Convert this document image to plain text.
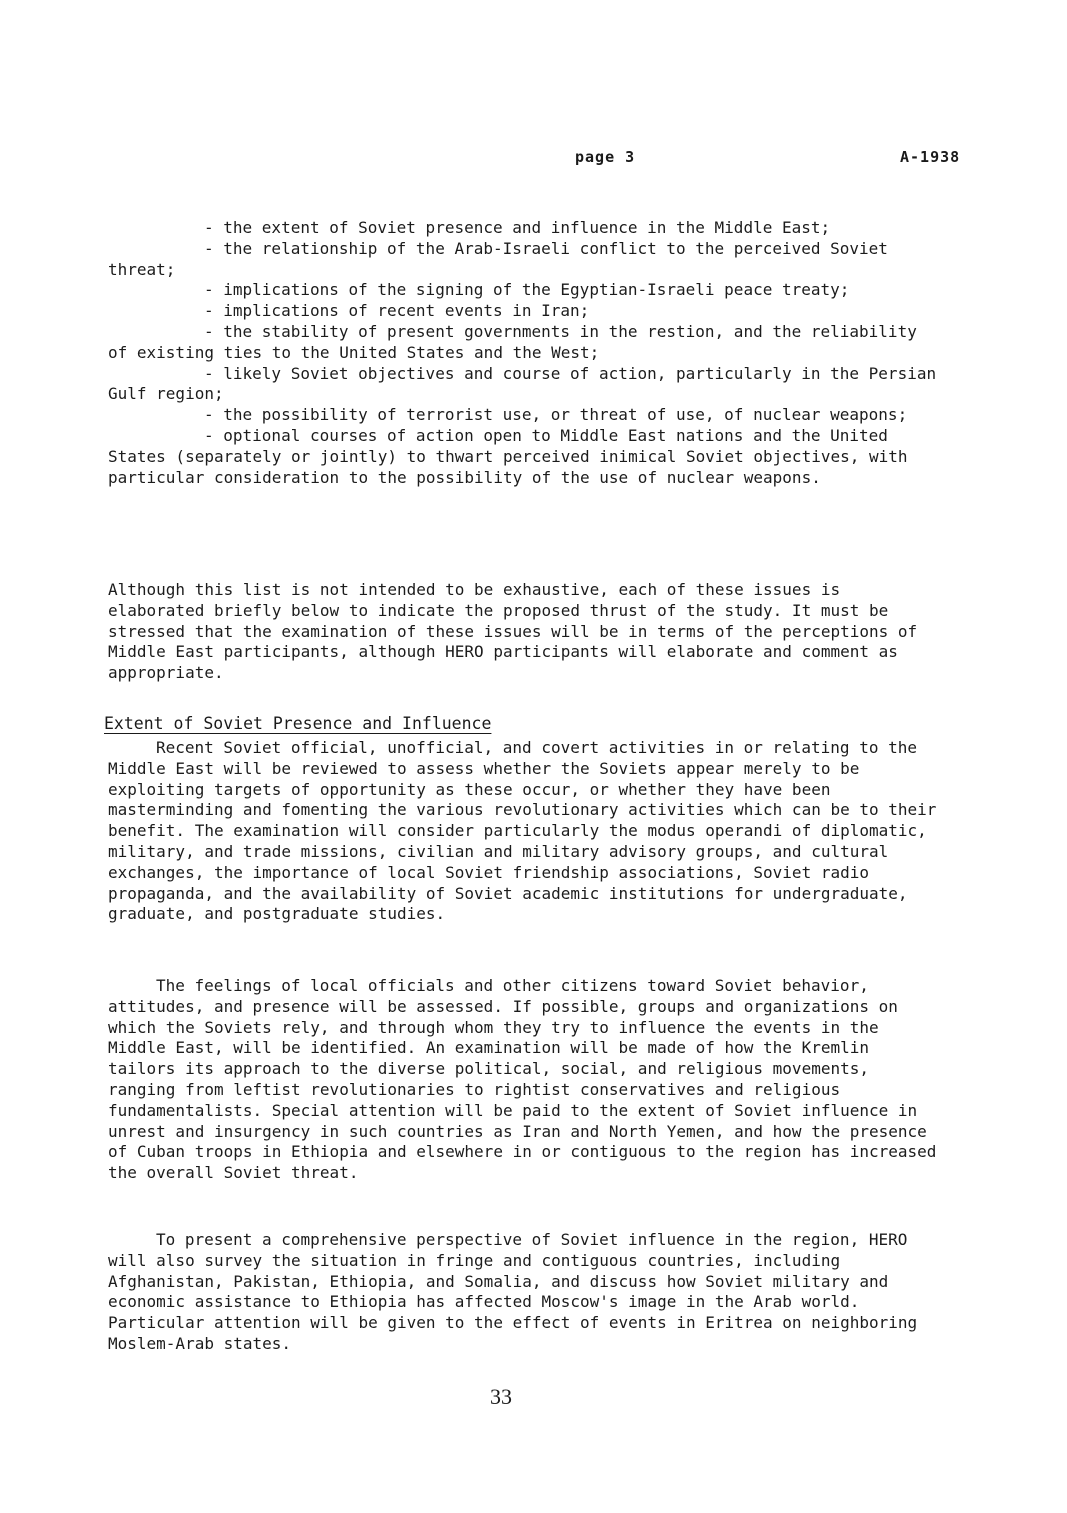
page 3	A-1938

- the extent of Soviet presence and influence in the Middle East;

- the relationship of the Arab-Israeli conflict to the perceived Soviet threat;

- implications of the signing of the Egyptian-Israeli peace treaty;

- implications of recent events in Iran;

- the stability of present governments in the restion, and the reliability of existing ties to the United States and the West;

- likely Soviet objectives and course of action, particularly in the Persian Gulf region;

- the possibility of terrorist use, or threat of use, of nuclear weapons;

- optional courses of action open to Middle East nations and the United States (separately or jointly) to thwart perceived inimical Soviet objectives, with particular consideration to the possibility of the use of nuclear weapons.

Although this list is not intended to be exhaustive, each of these issues is elaborated briefly below to indicate the proposed thrust of the study. It must be stressed that the examination of these issues will be in terms of the perceptions of Middle East participants, although HERO participants will elaborate and comment as appropriate.

Extent of Soviet Presence and Influence

Recent Soviet official, unofficial, and covert activities in or relating to the Middle East will be reviewed to assess whether the Soviets appear merely to be exploiting targets of opportunity as these occur, or whether they have been masterminding and fomenting the various revolutionary activities which can be to their benefit. The examination will consider particularly the modus operandi of diplomatic, military, and trade missions, civilian and military advisory groups, and cultural exchanges, the importance of local Soviet friendship associations, Soviet radio propaganda, and the availability of Soviet academic institutions for undergraduate, graduate, and postgraduate studies.

The feelings of local officials and other citizens toward Soviet behavior, attitudes, and presence will be assessed. If possible, groups and organizations on which the Soviets rely, and through whom they try to influence the events in the Middle East, will be identified. An examination will be made of how the Kremlin tailors its approach to the diverse political, social, and religious movements, ranging from leftist revolutionaries to rightist conservatives and religious fundamentalists. Special attention will be paid to the extent of Soviet influence in unrest and insurgency in such countries as Iran and North Yemen, and how the presence of Cuban troops in Ethiopia and elsewhere in or contiguous to the region has increased the overall Soviet threat.

To present a comprehensive perspective of Soviet influence in the region, HERO will also survey the situation in fringe and contiguous countries, including Afghanistan, Pakistan, Ethiopia, and Somalia, and discuss how Soviet military and economic assistance to Ethiopia has affected Moscow's image in the Arab world. Particular attention will be given to the effect of events in Eritrea on neighboring Moslem-Arab states.

33
